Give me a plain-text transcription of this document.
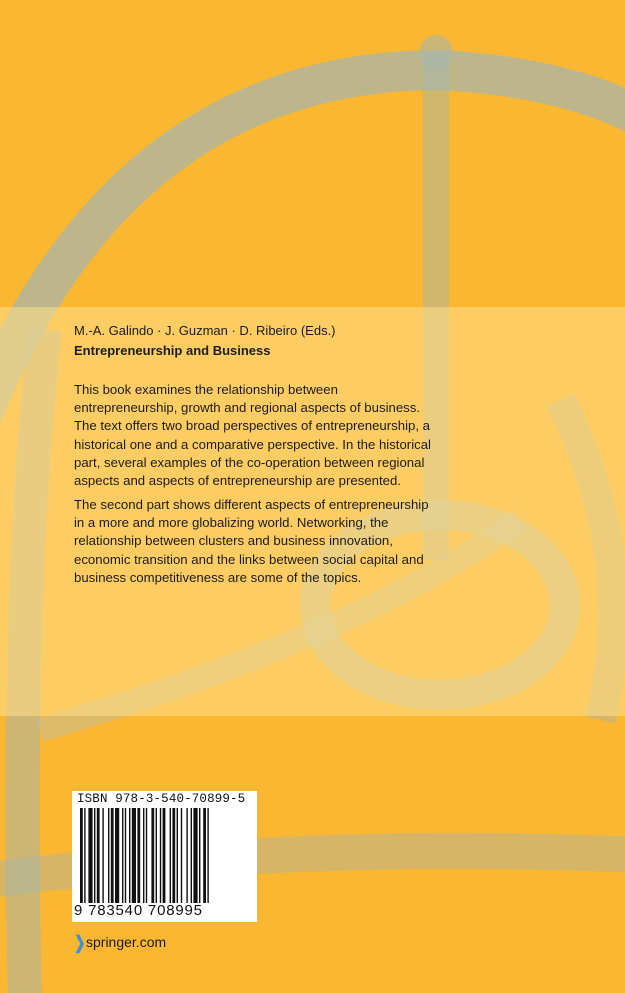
M.-A. Galindo · J. Guzman · D. Ribeiro (Eds.)
Entrepreneurship and Business

This book examines the relationship between entrepreneurship, growth and regional aspects of business. The text offers two broad perspectives of entrepreneurship, a historical one and a comparative perspective. In the historical part, several examples of the co-operation between regional aspects and aspects of entrepreneurship are presented.

The second part shows different aspects of entrepreneurship in a more and more globalizing world. Networking, the relationship between clusters and business innovation, economic transition and the links between social capital and business competitiveness are some of the topics.

ISBN 978-3-540-70899-5
9 783540 708995
❯springer.com
